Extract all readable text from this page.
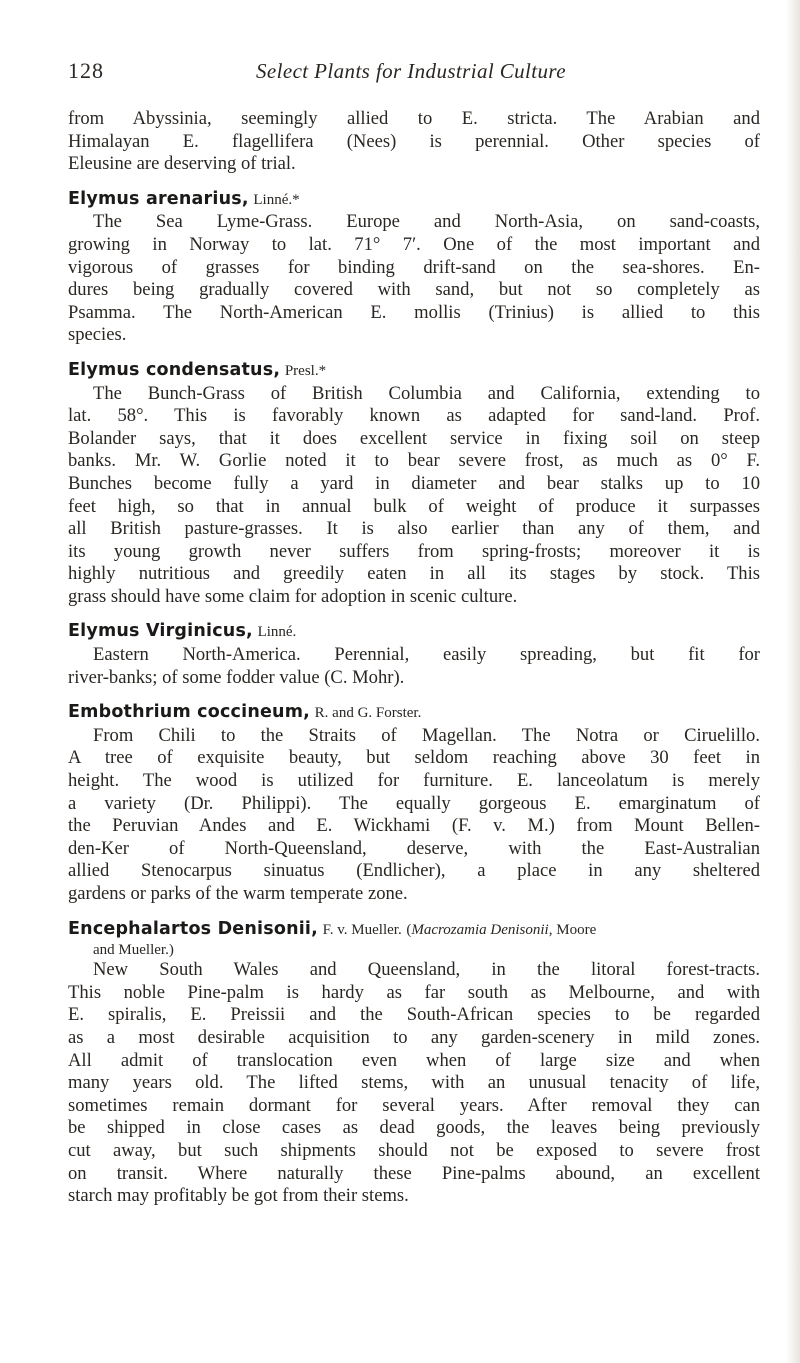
128	Select Plants for Industrial Culture
from Abyssinia, seemingly allied to E. stricta. The Arabian and
Himalayan E. flagellifera (Nees) is perennial. Other species of
Eleusine are deserving of trial.
Elymus arenarius, Linné.*
The Sea Lyme-Grass. Europe and North-Asia, on sand-coasts,
growing in Norway to lat. 71° 7′. One of the most important and
vigorous of grasses for binding drift-sand on the sea-shores. En-
dures being gradually covered with sand, but not so completely as
Psamma. The North-American E. mollis (Trinius) is allied to this
species.
Elymus condensatus, Presl.*
The Bunch-Grass of British Columbia and California, extending to
lat. 58°. This is favorably known as adapted for sand-land. Prof.
Bolander says, that it does excellent service in fixing soil on steep
banks. Mr. W. Gorlie noted it to bear severe frost, as much as 0° F.
Bunches become fully a yard in diameter and bear stalks up to 10
feet high, so that in annual bulk of weight of produce it surpasses
all British pasture-grasses. It is also earlier than any of them, and
its young growth never suffers from spring-frosts; moreover it is
highly nutritious and greedily eaten in all its stages by stock. This
grass should have some claim for adoption in scenic culture.
Elymus Virginicus, Linné.
Eastern North-America. Perennial, easily spreading, but fit for
river-banks; of some fodder value (C. Mohr).
Embothrium coccineum, R. and G. Forster.
From Chili to the Straits of Magellan. The Notra or Ciruelillo.
A tree of exquisite beauty, but seldom reaching above 30 feet in
height. The wood is utilized for furniture. E. lanceolatum is merely
a variety (Dr. Philippi). The equally gorgeous E. emarginatum of
the Peruvian Andes and E. Wickhami (F. v. M.) from Mount Bellen-
den-Ker of North-Queensland, deserve, with the East-Australian
allied Stenocarpus sinuatus (Endlicher), a place in any sheltered
gardens or parks of the warm temperate zone.
Encephalartos Denisonii, F. v. Mueller. (Macrozamia Denisonii, Moore
and Mueller.)
New South Wales and Queensland, in the litoral forest-tracts.
This noble Pine-palm is hardy as far south as Melbourne, and with
E. spiralis, E. Preissii and the South-African species to be regarded
as a most desirable acquisition to any garden-scenery in mild zones.
All admit of translocation even when of large size and when
many years old. The lifted stems, with an unusual tenacity of life,
sometimes remain dormant for several years. After removal they can
be shipped in close cases as dead goods, the leaves being previously
cut away, but such shipments should not be exposed to severe frost
on transit. Where naturally these Pine-palms abound, an excellent
starch may profitably be got from their stems.
